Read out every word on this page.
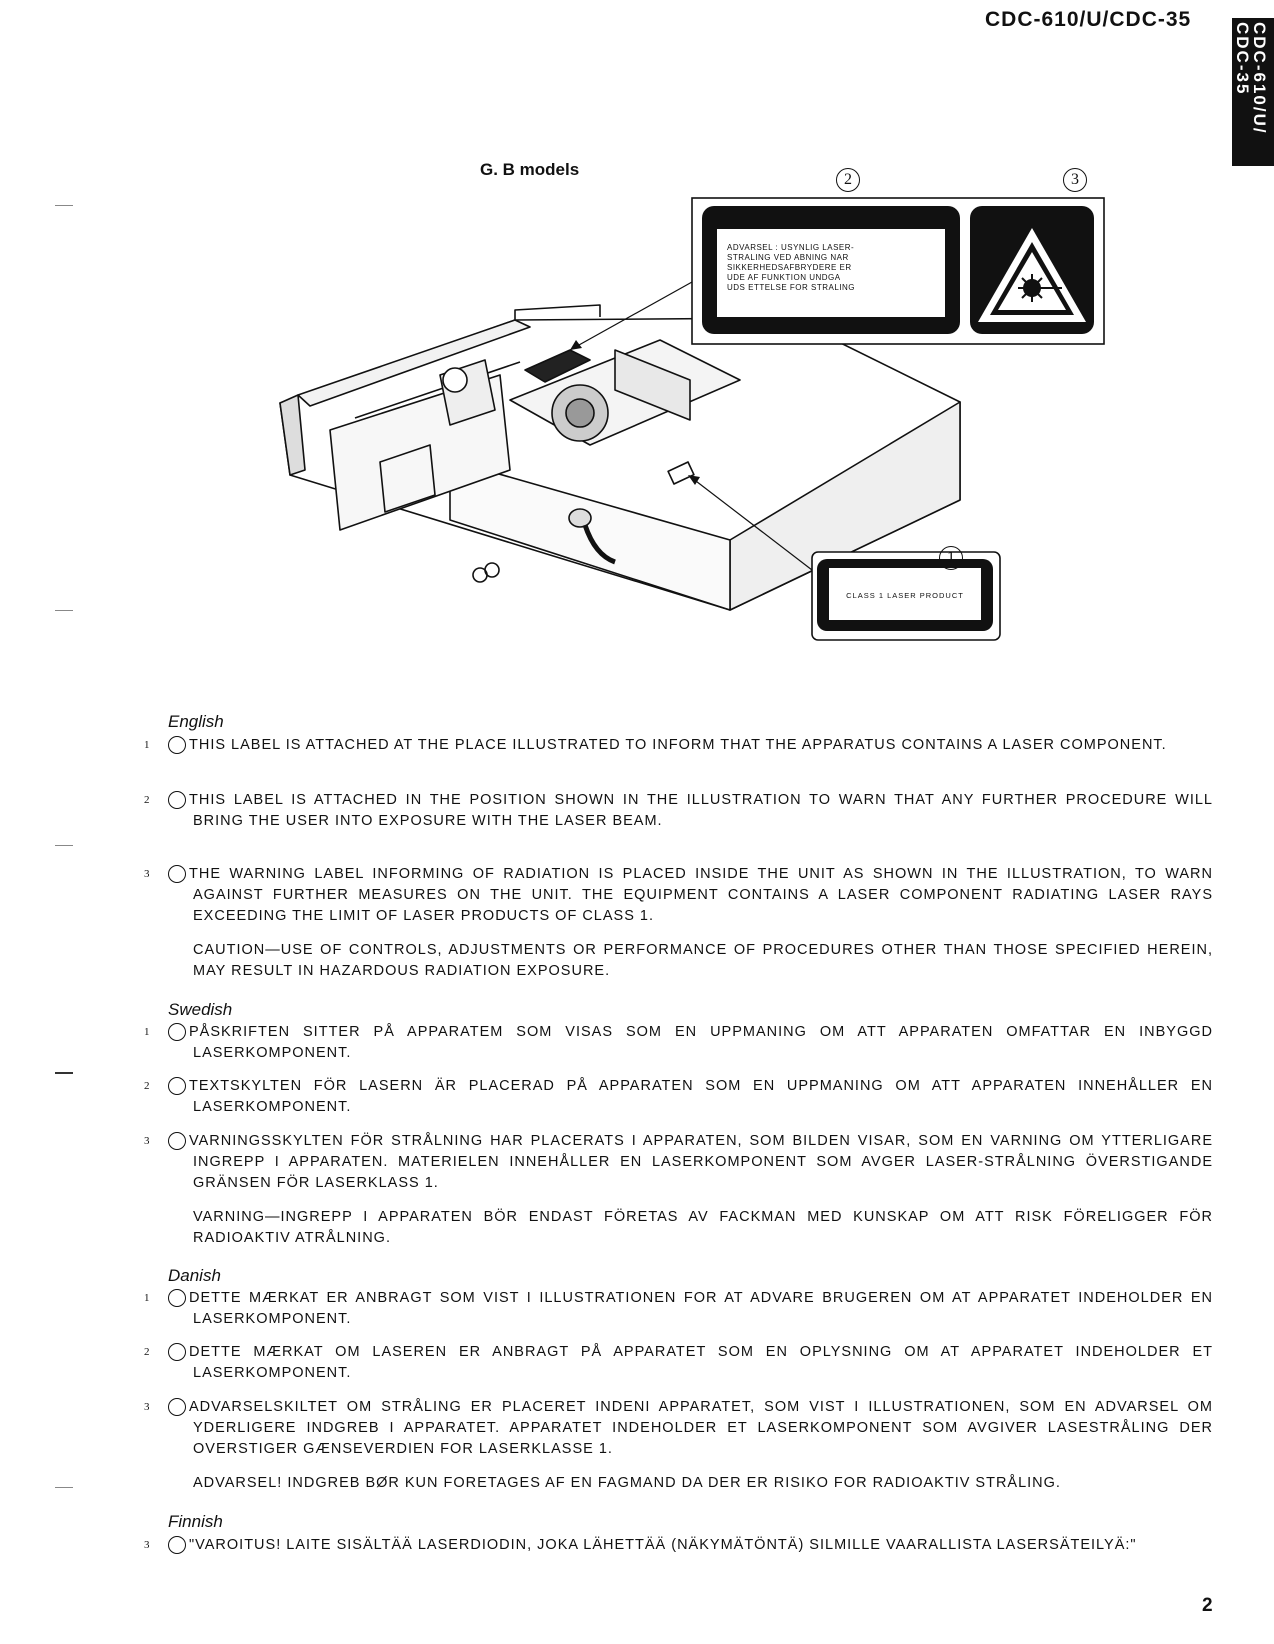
CDC-610/U/CDC-35
CDC-610/U/
CDC-35
G. B models
ADVARSEL : USYNLIG LASER-
STRALING VED ABNING NAR
SIKKERHEDSAFBRYDERE ER
UDE AF FUNKTION UNDGA
UDS ETTELSE FOR STRALING
CLASS 1 LASER PRODUCT
2	3
1
English
1	THIS LABEL IS ATTACHED AT THE PLACE ILLUSTRATED TO INFORM THAT THE APPARATUS CONTAINS A LASER COMPONENT.
2	THIS LABEL IS ATTACHED IN THE POSITION SHOWN IN THE ILLUSTRATION TO WARN THAT ANY FURTHER PROCEDURE WILL BRING THE USER INTO EXPOSURE WITH THE LASER BEAM.
3	THE WARNING LABEL INFORMING OF RADIATION IS PLACED INSIDE THE UNIT AS SHOWN IN THE ILLUSTRATION, TO WARN AGAINST FURTHER MEASURES ON THE UNIT. THE EQUIPMENT CONTAINS A LASER COMPONENT RADIATING LASER RAYS EXCEEDING THE LIMIT OF LASER PRODUCTS OF CLASS 1.
CAUTION—USE OF CONTROLS, ADJUSTMENTS OR PERFORMANCE OF PROCEDURES OTHER THAN THOSE SPECIFIED HEREIN, MAY RESULT IN HAZARDOUS RADIATION EXPOSURE.
Swedish
1	PÅSKRIFTEN SITTER PÅ APPARATEM SOM VISAS SOM EN UPPMANING OM ATT APPARATEN OMFATTAR EN INBYGGD LASERKOMPONENT.
2	TEXTSKYLTEN FÖR LASERN ÄR PLACERAD PÅ APPARATEN SOM EN UPPMANING OM ATT APPARATEN INNEHÅLLER EN LASERKOMPONENT.
3	VARNINGSSKYLTEN FÖR STRÅLNING HAR PLACERATS I APPARATEN, SOM BILDEN VISAR, SOM EN VARNING OM YTTERLIGARE INGREPP I APPARATEN. MATERIELEN INNEHÅLLER EN LASERKOMPONENT SOM AVGER LASER-STRÅLNING ÖVERSTIGANDE GRÄNSEN FÖR LASERKLASS 1.
VARNING—INGREPP I APPARATEN BÖR ENDAST FÖRETAS AV FACKMAN MED KUNSKAP OM ATT RISK FÖRELIGGER FÖR RADIOAKTIV ATRÅLNING.
Danish
1	DETTE MÆRKAT ER ANBRAGT SOM VIST I ILLUSTRATIONEN FOR AT ADVARE BRUGEREN OM AT APPARATET INDEHOLDER EN LASERKOMPONENT.
2	DETTE MÆRKAT OM LASEREN ER ANBRAGT PÅ APPARATET SOM EN OPLYSNING OM AT APPARATET INDEHOLDER ET LASERKOMPONENT.
3	ADVARSELSKILTET OM STRÅLING ER PLACERET INDENI APPARATET, SOM VIST I ILLUSTRATIONEN, SOM EN ADVARSEL OM YDERLIGERE INDGREB I APPARATET. APPARATET INDEHOLDER ET LASERKOMPONENT SOM AVGIVER LASESTRÅLING DER OVERSTIGER GÆNSEVERDIEN FOR LASERKLASSE 1.
ADVARSEL! INDGREB BØR KUN FORETAGES AF EN FAGMAND DA DER ER RISIKO FOR RADIOAKTIV STRÅLING.
Finnish
3	"VAROITUS! LAITE SISÄLTÄÄ LASERDIODIN, JOKA LÄHETTÄÄ (NÄKYMÄTÖNTÄ) SILMILLE VAARALLISTA LASERSÄTEILYÄ:"
2
